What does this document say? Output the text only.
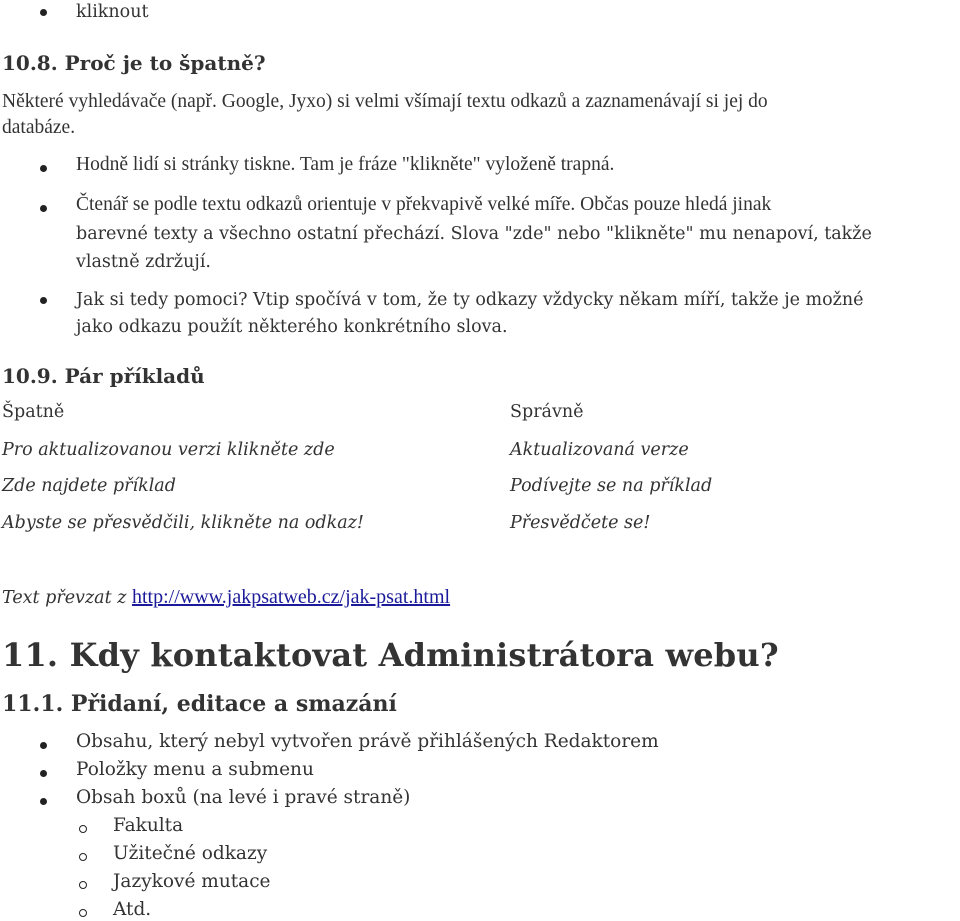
kliknout
10.8. Proč je to špatně?
Některé vyhledávače (např. Google, Jyxo) si velmi všímají textu odkazů a zaznamenávají si jej do
databáze.
Hodně lidí si stránky tiskne. Tam je fráze "klikněte" vyloženě trapná.
Čtenář se podle textu odkazů orientuje v překvapivě velké míře. Občas pouze hledá jinak
barevné texty a všechno ostatní přechází. Slova "zde" nebo "klikněte" mu nenapoví, takže
vlastně zdržují.
Jak si tedy pomoci? Vtip spočívá v tom, že ty odkazy vždycky někam míří, takže je možné
jako odkazu použít některého konkrétního slova.
10.9. Pár příkladů
Špatně	Správně
Pro aktualizovanou verzi klikněte zde	Aktualizovaná verze
Zde najdete příklad	Podívejte se na příklad
Abyste se přesvědčili, klikněte na odkaz!	Přesvědčete se!
Text převzat z http://www.jakpsatweb.cz/jak-psat.html
11. Kdy kontaktovat Administrátora webu?
11.1. Přidaní, editace a smazání
Obsahu, který nebyl vytvořen právě přihlášených Redaktorem
Položky menu a submenu
Obsah boxů (na levé i pravé straně)
Fakulta
Užitečné odkazy
Jazykové mutace
Atd.
